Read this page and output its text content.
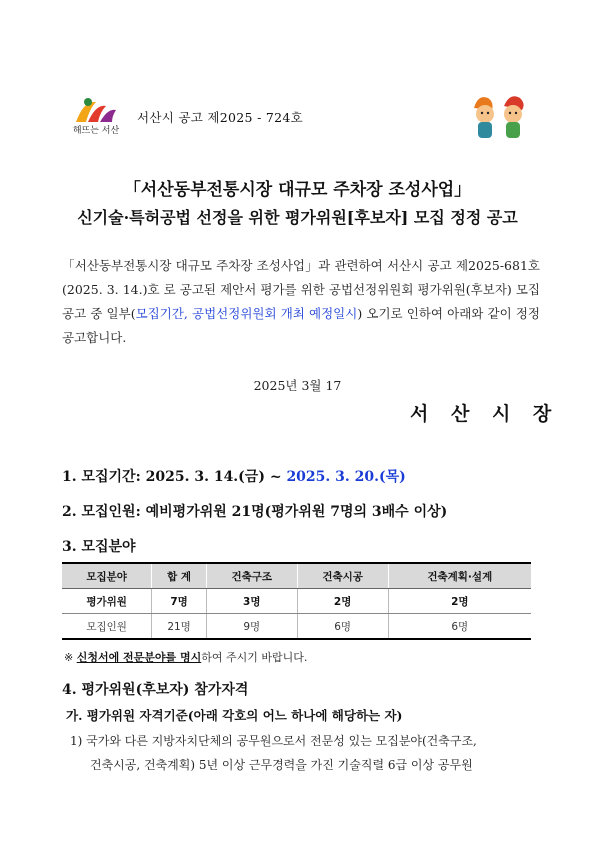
해뜨는 서산
서산시 공고 제2025 - 724호
「서산동부전통시장 대규모 주차장 조성사업」
신기술·특허공법 선정을 위한 평가위원[후보자] 모집 정정 공고
「서산동부전통시장 대규모 주차장 조성사업」과 관련하여 서산시 공고 제2025-681호(2025. 3. 14.)호 로 공고된 제안서 평가를 위한 공법선정위원회 평가위원(후보자) 모집 공고 중 일부(모집기간, 공법선정위원회 개최 예정일시) 오기로 인하여 아래와 같이 정정 공고합니다.
2025년 3월 17
서 산 시 장
1. 모집기간: 2025. 3. 14.(금) ~ 2025. 3. 20.(목)
2. 모집인원: 예비평가위원 21명(평가위원 7명의 3배수 이상)
3. 모집분야
모집분야	합 계	건축구조	건축시공	건축계획·설계
평가위원	7명	3명	2명	2명
모집인원	21명	9명	6명	6명
※ 신청서에 전문분야를 명시하여 주시기 바랍니다.
4. 평가위원(후보자) 참가자격
가. 평가위원 자격기준(아래 각호의 어느 하나에 해당하는 자)
1) 국가와 다른 지방자치단체의 공무원으로서 전문성 있는 모집분야(건축구조,
건축시공, 건축계획) 5년 이상 근무경력을 가진 기술직렬 6급 이상 공무원
